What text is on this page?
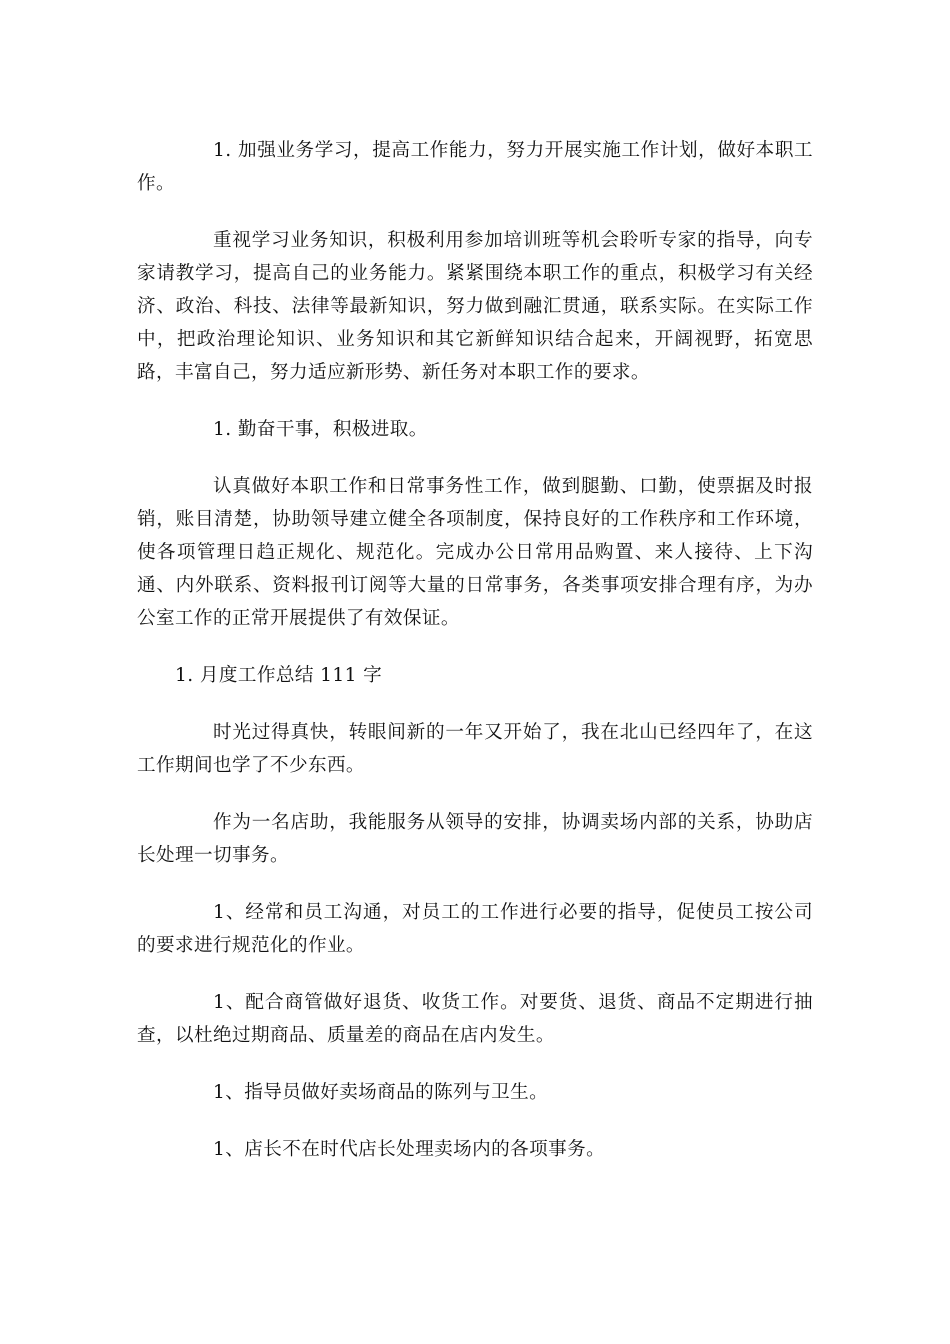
1. 加强业务学习，提高工作能力，努力开展实施工作计划，做好本职工作。

重视学习业务知识，积极利用参加培训班等机会聆听专家的指导，向专家请教学习，提高自己的业务能力。紧紧围绕本职工作的重点，积极学习有关经济、政治、科技、法律等最新知识，努力做到融汇贯通，联系实际。在实际工作中，把政治理论知识、业务知识和其它新鲜知识结合起来，开阔视野，拓宽思路，丰富自己，努力适应新形势、新任务对本职工作的要求。

1. 勤奋干事，积极进取。

认真做好本职工作和日常事务性工作，做到腿勤、口勤，使票据及时报销，账目清楚，协助领导建立健全各项制度，保持良好的工作秩序和工作环境，使各项管理日趋正规化、规范化。完成办公日常用品购置、来人接待、上下沟通、内外联系、资料报刊订阅等大量的日常事务，各类事项安排合理有序，为办公室工作的正常开展提供了有效保证。

1. 月度工作总结 111 字

时光过得真快，转眼间新的一年又开始了，我在北山已经四年了，在这工作期间也学了不少东西。

作为一名店助，我能服务从领导的安排，协调卖场内部的关系，协助店长处理一切事务。

1、经常和员工沟通，对员工的工作进行必要的指导，促使员工按公司的要求进行规范化的作业。

1、配合商管做好退货、收货工作。对要货、退货、商品不定期进行抽查，以杜绝过期商品、质量差的商品在店内发生。

1、指导员做好卖场商品的陈列与卫生。

1、店长不在时代店长处理卖场内的各项事务。
